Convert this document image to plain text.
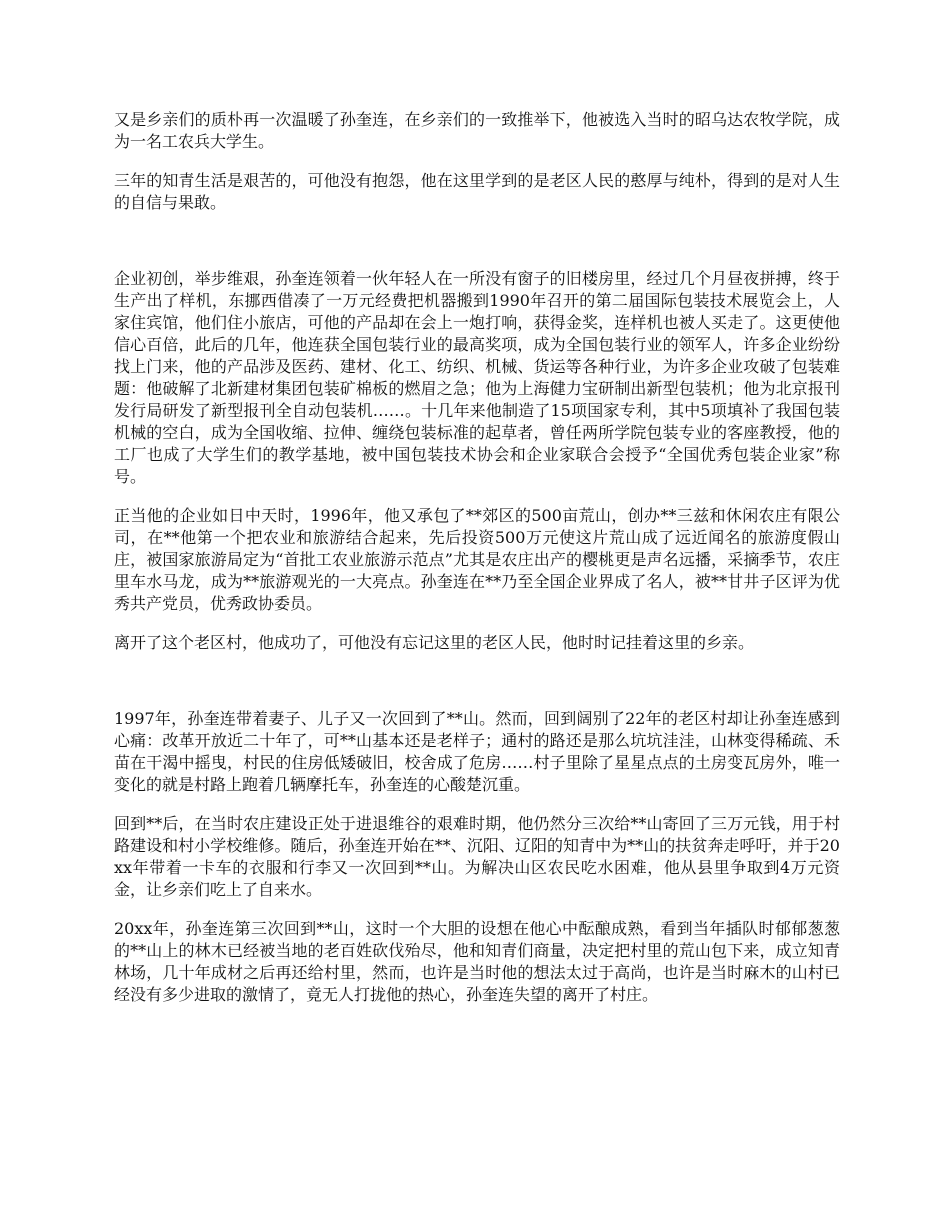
又是乡亲们的质朴再一次温暖了孙奎连，在乡亲们的一致推举下，他被选入当时的昭乌达农牧学院，成为一名工农兵大学生。

三年的知青生活是艰苦的，可他没有抱怨，他在这里学到的是老区人民的憨厚与纯朴，得到的是对人生的自信与果敢。

企业初创，举步维艰，孙奎连领着一伙年轻人在一所没有窗子的旧楼房里，经过几个月昼夜拼搏，终于生产出了样机，东挪西借凑了一万元经费把机器搬到1990年召开的第二届国际包装技术展览会上，人家住宾馆，他们住小旅店，可他的产品却在会上一炮打响，获得金奖，连样机也被人买走了。这更使他信心百倍，此后的几年，他连获全国包装行业的最高奖项，成为全国包装行业的领军人，许多企业纷纷找上门来，他的产品涉及医药、建材、化工、纺织、机械、货运等各种行业，为许多企业攻破了包装难题：他破解了北新建材集团包装矿棉板的燃眉之急；他为上海健力宝研制出新型包装机；他为北京报刊发行局研发了新型报刊全自动包装机……。十几年来他制造了15项国家专利，其中5项填补了我国包装机械的空白，成为全国收缩、拉伸、缠绕包装标准的起草者，曾任两所学院包装专业的客座教授，他的工厂也成了大学生们的教学基地，被中国包装技术协会和企业家联合会授予“全国优秀包装企业家”称号。

正当他的企业如日中天时，1996年，他又承包了**郊区的500亩荒山，创办**三兹和休闲农庄有限公司，在**他第一个把农业和旅游结合起来，先后投资500万元使这片荒山成了远近闻名的旅游度假山庄，被国家旅游局定为“首批工农业旅游示范点”尤其是农庄出产的樱桃更是声名远播，采摘季节，农庄里车水马龙，成为**旅游观光的一大亮点。孙奎连在**乃至全国企业界成了名人，被**甘井子区评为优秀共产党员，优秀政协委员。

离开了这个老区村，他成功了，可他没有忘记这里的老区人民，他时时记挂着这里的乡亲。

1997年，孙奎连带着妻子、儿子又一次回到了**山。然而，回到阔别了22年的老区村却让孙奎连感到心痛：改革开放近二十年了，可**山基本还是老样子；通村的路还是那么坑坑洼洼，山林变得稀疏、禾苗在干渴中摇曳，村民的住房低矮破旧，校舍成了危房……村子里除了星星点点的土房变瓦房外，唯一变化的就是村路上跑着几辆摩托车，孙奎连的心酸楚沉重。

回到**后，在当时农庄建设正处于进退维谷的艰难时期，他仍然分三次给**山寄回了三万元钱，用于村路建设和村小学校维修。随后，孙奎连开始在**、沉阳、辽阳的知青中为**山的扶贫奔走呼吁，并于20xx年带着一卡车的衣服和行李又一次回到**山。为解决山区农民吃水困难，他从县里争取到4万元资金，让乡亲们吃上了自来水。

20xx年，孙奎连第三次回到**山，这时一个大胆的设想在他心中酝酿成熟，看到当年插队时郁郁葱葱的**山上的林木已经被当地的老百姓砍伐殆尽，他和知青们商量，决定把村里的荒山包下来，成立知青林场，几十年成材之后再还给村里，然而，也许是当时他的想法太过于高尚，也许是当时麻木的山村已经没有多少进取的激情了，竟无人打拢他的热心，孙奎连失望的离开了村庄。
